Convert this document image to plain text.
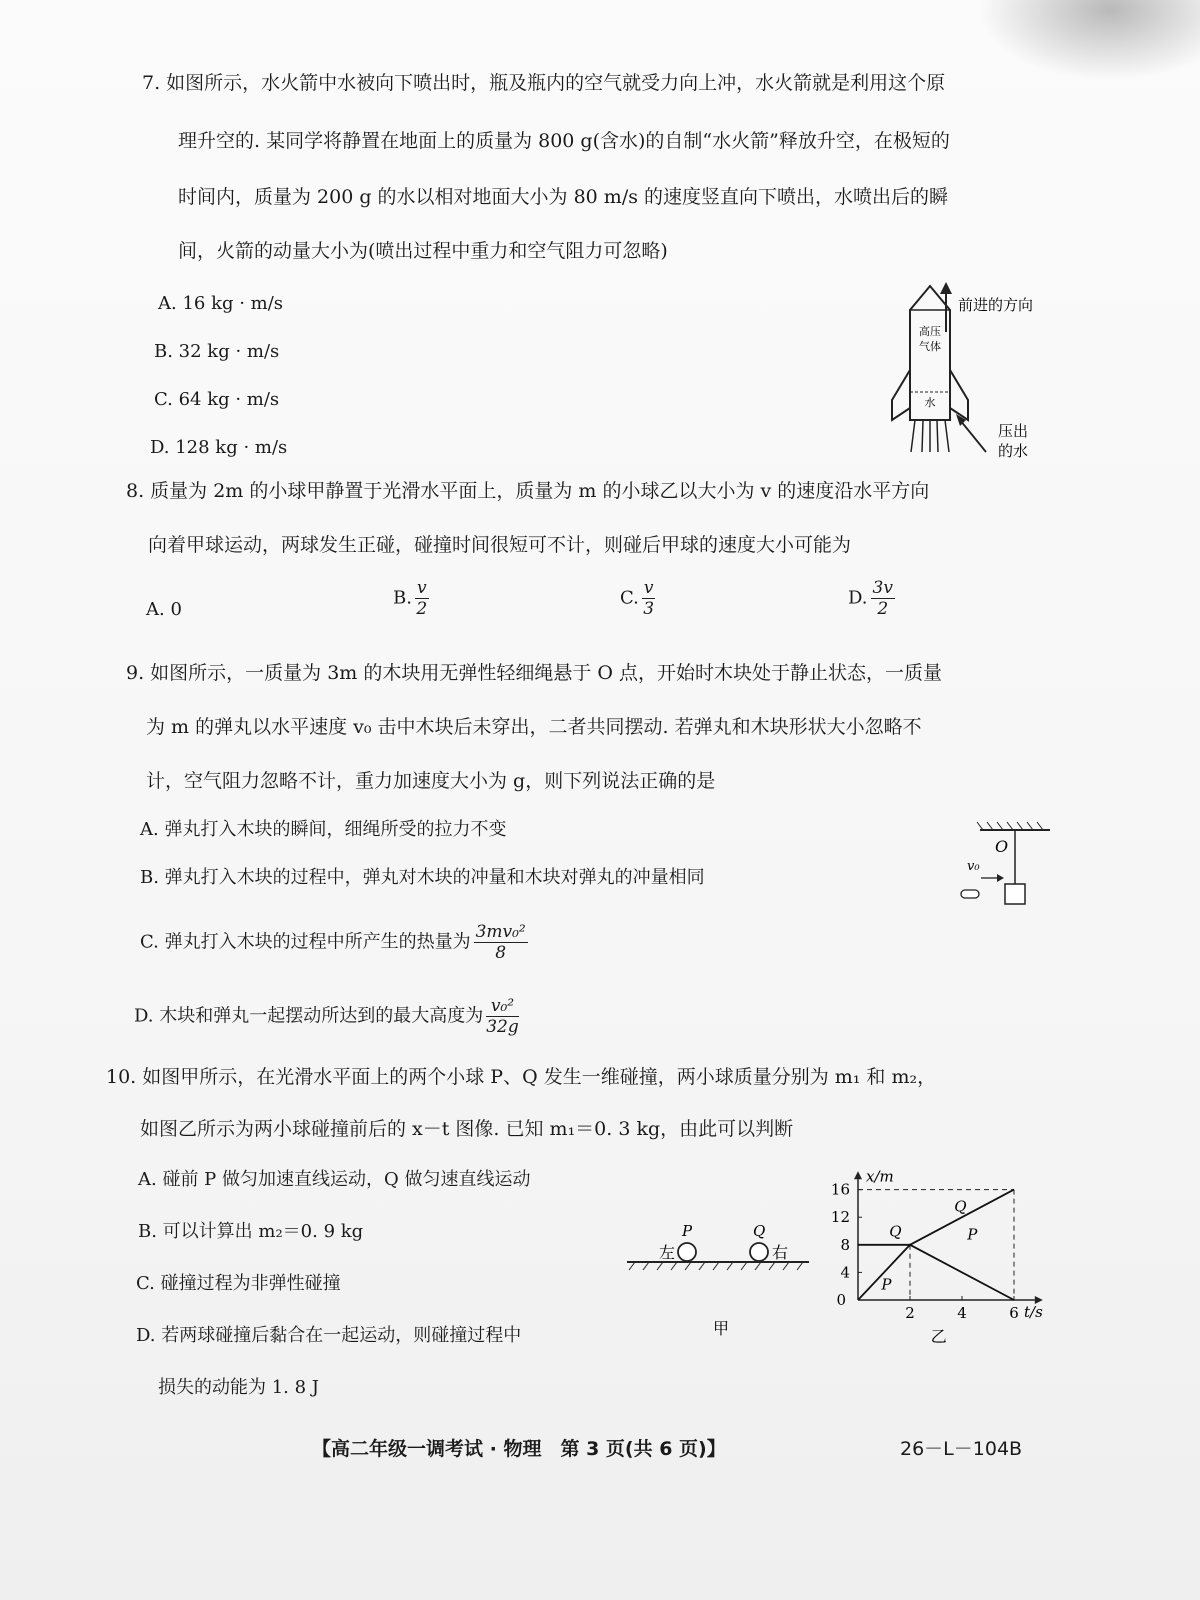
7. 如图所示，水火箭中水被向下喷出时，瓶及瓶内的空气就受力向上冲，水火箭就是利用这个原
理升空的. 某同学将静置在地面上的质量为 800 g(含水)的自制“水火箭”释放升空，在极短的
时间内，质量为 200 g 的水以相对地面大小为 80 m/s 的速度竖直向下喷出，水喷出后的瞬
间，火箭的动量大小为(喷出过程中重力和空气阻力可忽略)
A. 16 kg · m/s
B. 32 kg · m/s
C. 64 kg · m/s
D. 128 kg · m/s
高压
气体
水
前进的方向
压出
的水
8. 质量为 2m 的小球甲静置于光滑水平面上，质量为 m 的小球乙以大小为 v 的速度沿水平方向
向着甲球运动，两球发生正碰，碰撞时间很短可不计，则碰后甲球的速度大小可能为
A. 0
B. $\frac{v}{2}$	C. $\frac{v}{3}$	D. $\frac{3v}{2}$
9. 如图所示，一质量为 3m 的木块用无弹性轻细绳悬于 O 点，开始时木块处于静止状态，一质量
为 m 的弹丸以水平速度 v₀ 击中木块后未穿出，二者共同摆动. 若弹丸和木块形状大小忽略不
计，空气阻力忽略不计，重力加速度大小为 g，则下列说法正确的是
A. 弹丸打入木块的瞬间，细绳所受的拉力不变
B. 弹丸打入木块的过程中，弹丸对木块的冲量和木块对弹丸的冲量相同
C. 弹丸打入木块的过程中所产生的热量为 $\frac{\text{3mv₀²}}{8}$
D. 木块和弹丸一起摆动所达到的最大高度为 $\frac{\text{v₀²}}{32g}$
O
v₀
10. 如图甲所示，在光滑水平面上的两个小球 P、Q 发生一维碰撞，两小球质量分别为 m₁ 和 m₂，
如图乙所示为两小球碰撞前后的 x－t 图像. 已知 m₁＝0. 3 kg，由此可以判断
A. 碰前 P 做匀加速直线运动，Q 做匀速直线运动
B. 可以计算出 m₂＝0. 9 kg
C. 碰撞过程为非弹性碰撞
D. 若两球碰撞后黏合在一起运动，则碰撞过程中
损失的动能为 1. 8 J
左	右
P	Q
甲
x/m
t/s
0
4
8
12
16
2	4	6
P
P
Q
Q
乙
【高二年级一调考试 · 物理　第 3 页(共 6 页)】	26－L－104B
